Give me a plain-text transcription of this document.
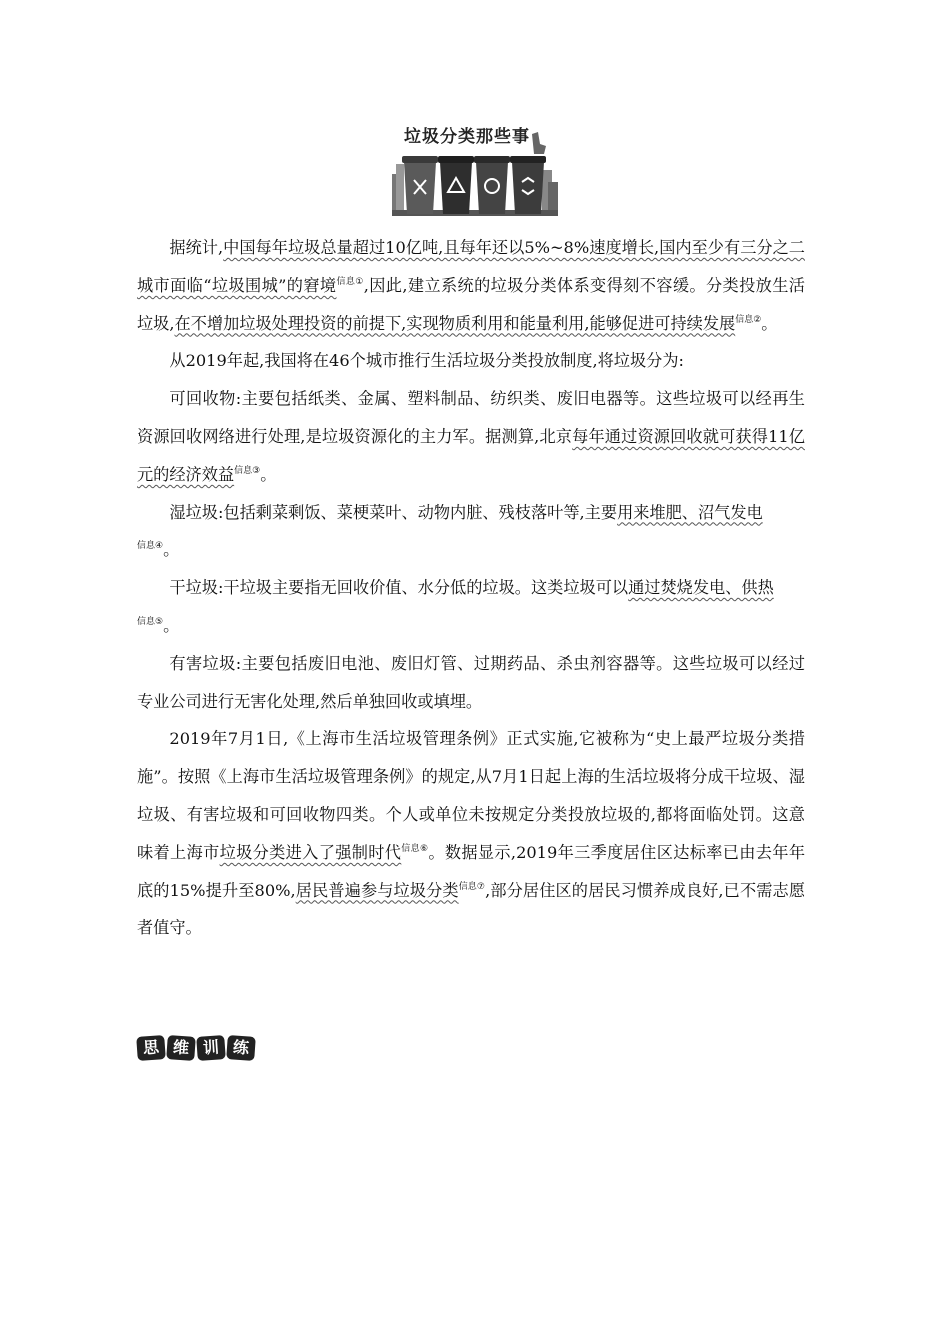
垃圾分类那些事

据统计,中国每年垃圾总量超过10亿吨,且每年还以5%~8%速度增长,国内至少有三分之二城市面临“垃圾围城”的窘境$^{信息①}$,因此,建立系统的垃圾分类体系变得刻不容缓。分类投放生活垃圾,在不增加垃圾处理投资的前提下,实现物质利用和能量利用,能够促进可持续发展$^{信息②}$。

从2019年起,我国将在46个城市推行生活垃圾分类投放制度,将垃圾分为:

可回收物:主要包括纸类、金属、塑料制品、纺织类、废旧电器等。这些垃圾可以经再生资源回收网络进行处理,是垃圾资源化的主力军。据测算,北京每年通过资源回收就可获得11亿元的经济效益$^{信息③}$。

湿垃圾:包括剩菜剩饭、菜梗菜叶、动物内脏、残枝落叶等,主要用来堆肥、沼气发电
$^{信息④}$。

干垃圾:干垃圾主要指无回收价值、水分低的垃圾。这类垃圾可以通过焚烧发电、供热
$^{信息⑤}$。

有害垃圾:主要包括废旧电池、废旧灯管、过期药品、杀虫剂容器等。这些垃圾可以经过专业公司进行无害化处理,然后单独回收或填埋。

2019年7月1日,《上海市生活垃圾管理条例》正式实施,它被称为“史上最严垃圾分类措施”。按照《上海市生活垃圾管理条例》的规定,从7月1日起上海的生活垃圾将分成干垃圾、湿垃圾、有害垃圾和可回收物四类。个人或单位未按规定分类投放垃圾的,都将面临处罚。这意味着上海市垃圾分类进入了强制时代$^{信息⑥}$。数据显示,2019年三季度居住区达标率已由去年年底的15%提升至80%,居民普遍参与垃圾分类$^{信息⑦}$,部分居住区的居民习惯养成良好,已不需志愿者值守。

思 维 训 练
